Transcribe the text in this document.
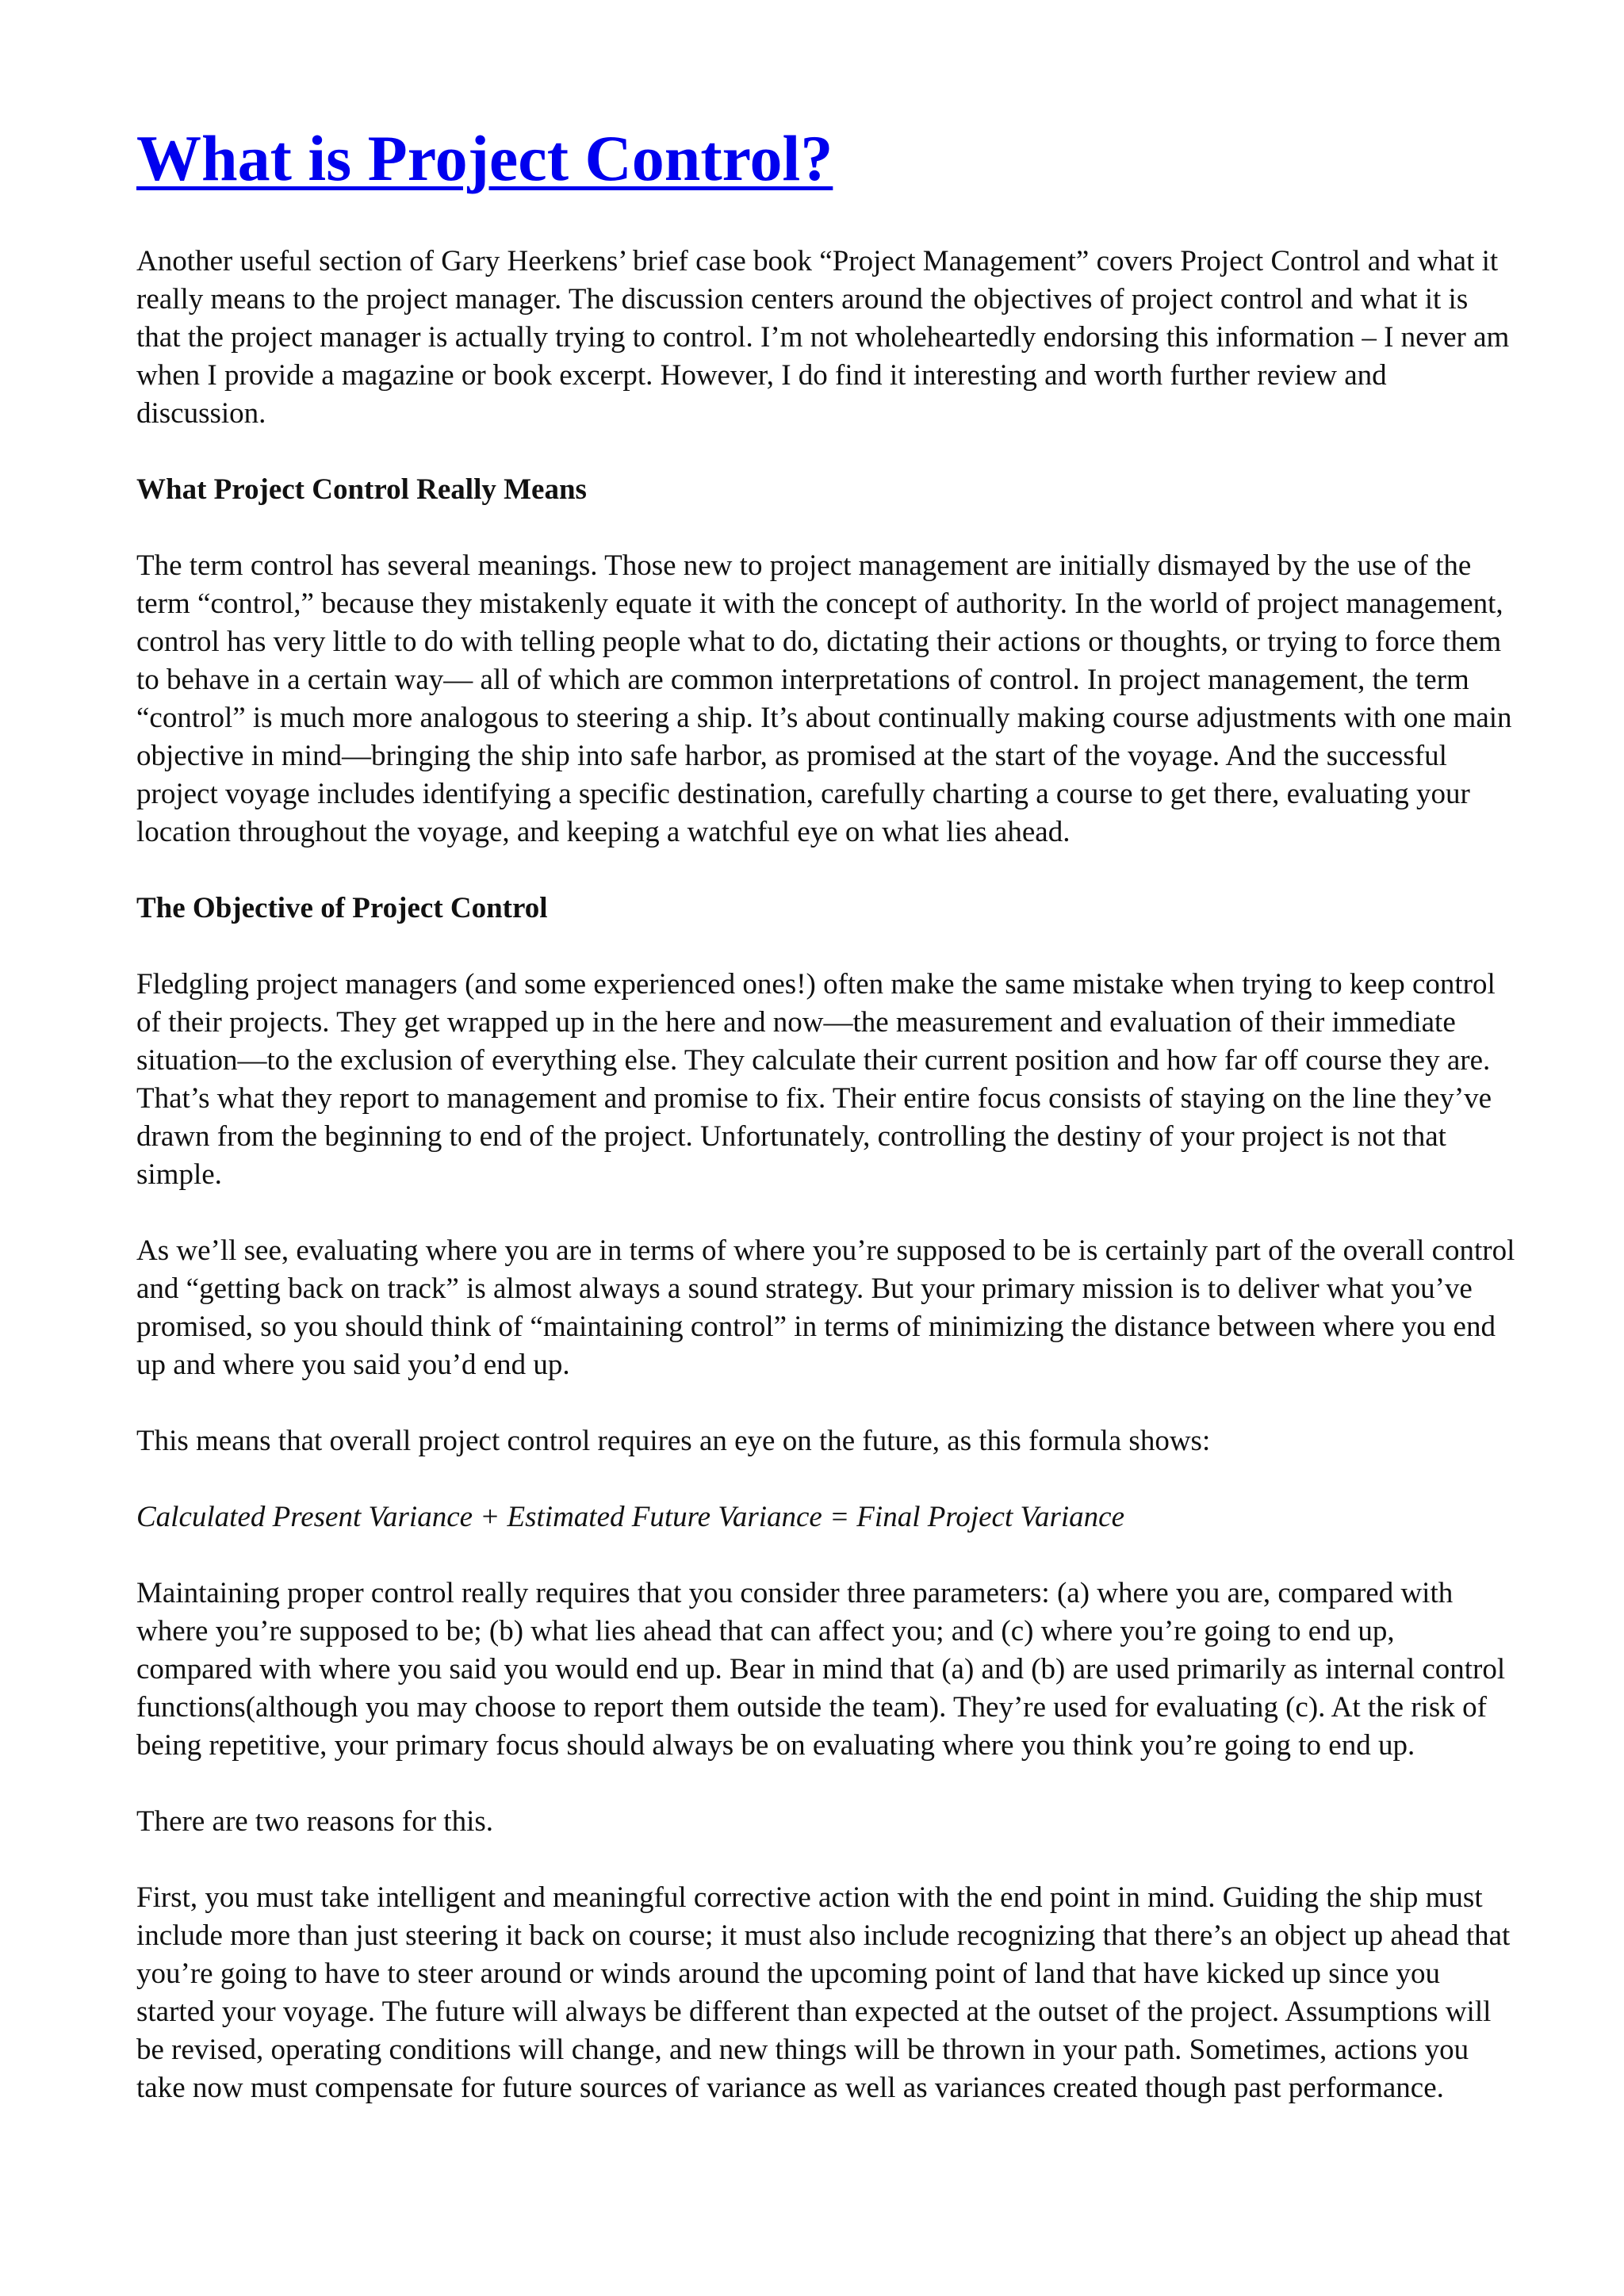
What is Project Control?

Another useful section of Gary Heerkens’ brief case book “Project Management” covers Project Control and what it really means to the project manager. The discussion centers around the objectives of project control and what it is that the project manager is actually trying to control. I’m not wholeheartedly endorsing this information – I never am when I provide a magazine or book excerpt. However, I do find it interesting and worth further review and discussion.

What Project Control Really Means

The term control has several meanings. Those new to project management are initially dismayed by the use of the term “control,” because they mistakenly equate it with the concept of authority. In the world of project management, control has very little to do with telling people what to do, dictating their actions or thoughts, or trying to force them to behave in a certain way— all of which are common interpretations of control. In project management, the term “control” is much more analogous to steering a ship. It’s about continually making course adjustments with one main objective in mind—bringing the ship into safe harbor, as promised at the start of the voyage. And the successful project voyage includes identifying a specific destination, carefully charting a course to get there, evaluating your location throughout the voyage, and keeping a watchful eye on what lies ahead.

The Objective of Project Control

Fledgling project managers (and some experienced ones!) often make the same mistake when trying to keep control of their projects. They get wrapped up in the here and now—the measurement and evaluation of their immediate situation—to the exclusion of everything else. They calculate their current position and how far off course they are. That’s what they report to management and promise to fix. Their entire focus consists of staying on the line they’ve drawn from the beginning to end of the project. Unfortunately, controlling the destiny of your project is not that simple.

As we’ll see, evaluating where you are in terms of where you’re supposed to be is certainly part of the overall control and “getting back on track” is almost always a sound strategy. But your primary mission is to deliver what you’ve promised, so you should think of “maintaining control” in terms of minimizing the distance between where you end up and where you said you’d end up.

This means that overall project control requires an eye on the future, as this formula shows:

Calculated Present Variance + Estimated Future Variance = Final Project Variance

Maintaining proper control really requires that you consider three parameters: (a) where you are, compared with where you’re supposed to be; (b) what lies ahead that can affect you; and (c) where you’re going to end up, compared with where you said you would end up. Bear in mind that (a) and (b) are used primarily as internal control functions(although you may choose to report them outside the team). They’re used for evaluating (c). At the risk of being repetitive, your primary focus should always be on evaluating where you think you’re going to end up.

There are two reasons for this.

First, you must take intelligent and meaningful corrective action with the end point in mind. Guiding the ship must include more than just steering it back on course; it must also include recognizing that there’s an object up ahead that you’re going to have to steer around or winds around the upcoming point of land that have kicked up since you started your voyage. The future will always be different than expected at the outset of the project. Assumptions will be revised, operating conditions will change, and new things will be thrown in your path. Sometimes, actions you take now must compensate for future sources of variance as well as variances created though past performance.
